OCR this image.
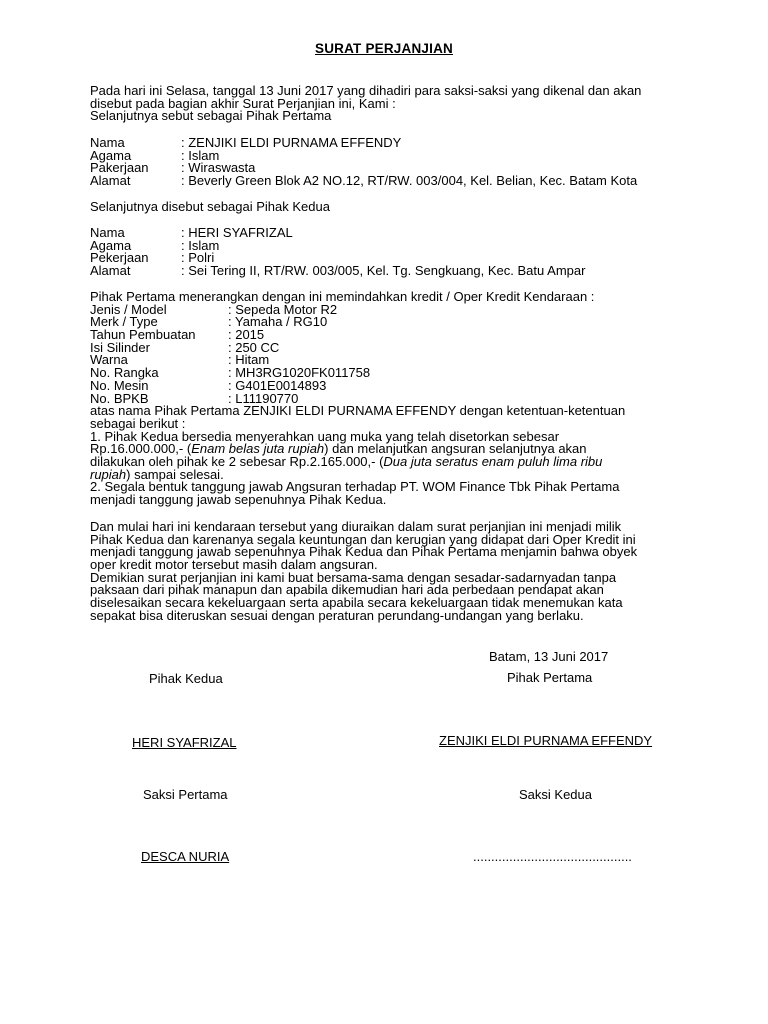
SURAT PERJANJIAN
Pada hari ini Selasa, tanggal 13 Juni 2017 yang dihadiri para saksi-saksi yang dikenal dan akan
disebut pada bagian akhir Surat Perjanjian ini, Kami :
Selanjutnya sebut sebagai Pihak Pertama
Nama	: ZENJIKI ELDI PURNAMA EFFENDY
Agama	: Islam
Pakerjaan	: Wiraswasta
Alamat	: Beverly Green Blok A2 NO.12, RT/RW. 003/004, Kel. Belian, Kec. Batam Kota
Selanjutnya disebut sebagai Pihak Kedua
Nama	: HERI SYAFRIZAL
Agama	: Islam
Pekerjaan	: Polri
Alamat	: Sei Tering II, RT/RW. 003/005, Kel. Tg. Sengkuang, Kec. Batu Ampar
Pihak Pertama menerangkan dengan ini memindahkan kredit / Oper Kredit Kendaraan :
Jenis / Model	: Sepeda Motor R2
Merk / Type	: Yamaha / RG10
Tahun Pembuatan	: 2015
Isi Silinder	: 250 CC
Warna	: Hitam
No. Rangka	: MH3RG1020FK011758
No. Mesin	: G401E0014893
No. BPKB	: L11190770
atas nama Pihak Pertama ZENJIKI ELDI PURNAMA EFFENDY dengan ketentuan-ketentuan
sebagai berikut :
1. Pihak Kedua bersedia menyerahkan uang muka yang telah disetorkan sebesar
Rp.16.000.000,- (Enam belas juta rupiah) dan melanjutkan angsuran selanjutnya akan
dilakukan oleh pihak ke 2 sebesar Rp.2.165.000,- (Dua juta seratus enam puluh lima ribu
rupiah) sampai selesai.
2. Segala bentuk tanggung jawab Angsuran terhadap PT. WOM Finance Tbk Pihak Pertama
menjadi tanggung jawab sepenuhnya Pihak Kedua.
Dan mulai hari ini kendaraan tersebut yang diuraikan dalam surat perjanjian ini menjadi milik
Pihak Kedua dan karenanya segala keuntungan dan kerugian yang didapat dari Oper Kredit ini
menjadi tanggung jawab sepenuhnya Pihak Kedua dan Pihak Pertama menjamin bahwa obyek
oper kredit motor tersebut masih dalam angsuran.
Demikian surat perjanjian ini kami buat bersama-sama dengan sesadar-sadarnyadan tanpa
paksaan dari pihak manapun dan apabila dikemudian hari ada perbedaan pendapat akan
diselesaikan secara kekeluargaan serta apabila secara kekeluargaan tidak menemukan kata
sepakat bisa diteruskan sesuai dengan peraturan perundang-undangan yang berlaku.
Batam, 13 Juni 2017
Pihak Kedua	Pihak Pertama
HERI SYAFRIZAL	ZENJIKI ELDI PURNAMA EFFENDY
Saksi Pertama	Saksi Kedua
DESCA NURIA	............................................
